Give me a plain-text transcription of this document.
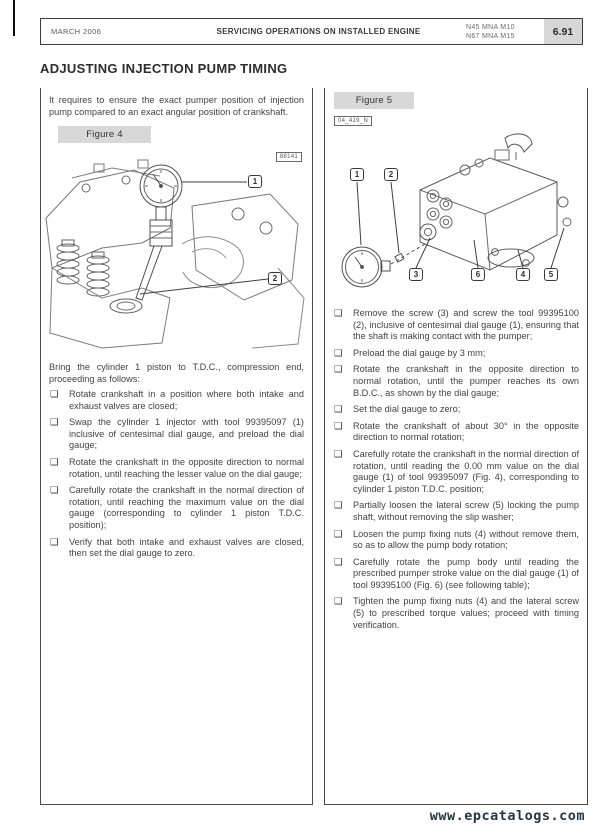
MARCH 2006	SERVICING OPERATIONS ON INSTALLED ENGINE	N45 MNA M10
N67 MNA M15	6.91
ADJUSTING INJECTION PUMP TIMING

It requires to ensure the exact pumper position of injection pump compared to an exact angular position of crankshaft.

Figure 4
88141
1
2

Bring the cylinder 1 piston to T.D.C., compression end, proceeding as follows:

❑ Rotate crankshaft in a position where both intake and exhaust valves are closed;
❑ Swap the cylinder 1 injector with tool 99395097 (1) inclusive of centesimal dial gauge, and preload the dial gauge;
❑ Rotate the crankshaft in the opposite direction to normal rotation, until reaching the lesser value on the dial gauge;
❑ Carefully rotate the crankshaft in the normal direction of rotation, until reaching the maximum value on the dial gauge (corresponding to cylinder 1 piston T.D.C. position);
❑ Verify that both intake and exhaust valves are closed, then set the dial gauge to zero.
Figure 5
04_419_N
1	2
3	6	4	5
❑ Remove the screw (3) and screw the tool 99395100 (2), inclusive of centesimal dial gauge (1), ensuring that the shaft is making contact with the pumper;
❑ Preload the dial gauge by 3 mm;
❑ Rotate the crankshaft in the opposite direction to normal rotation, until the pumper reaches its own B.D.C., as shown by the dial gauge;
❑ Set the dial gauge to zero;
❑ Rotate the crankshaft of about 30° in the opposite direction to normal rotation;
❑ Carefully rotate the crankshaft in the normal direction of rotation, until reading the 0.00 mm value on the dial gauge (1) of tool 99395097 (Fig. 4), corresponding to cylinder 1 piston T.D.C. position;
❑ Partially loosen the lateral screw (5) locking the pump shaft, without removing the slip washer;
❑ Loosen the pump fixing nuts (4) without remove them, so as to allow the pump body rotation;
❑ Carefully rotate the pump body until reading the prescribed pumper stroke value on the dial gauge (1) of tool 99395100 (Fig. 6) (see following table);
❑ Tighten the pump fixing nuts (4) and the lateral screw (5) to prescribed torque values; proceed with timing verification.
www.epcatalogs.com
